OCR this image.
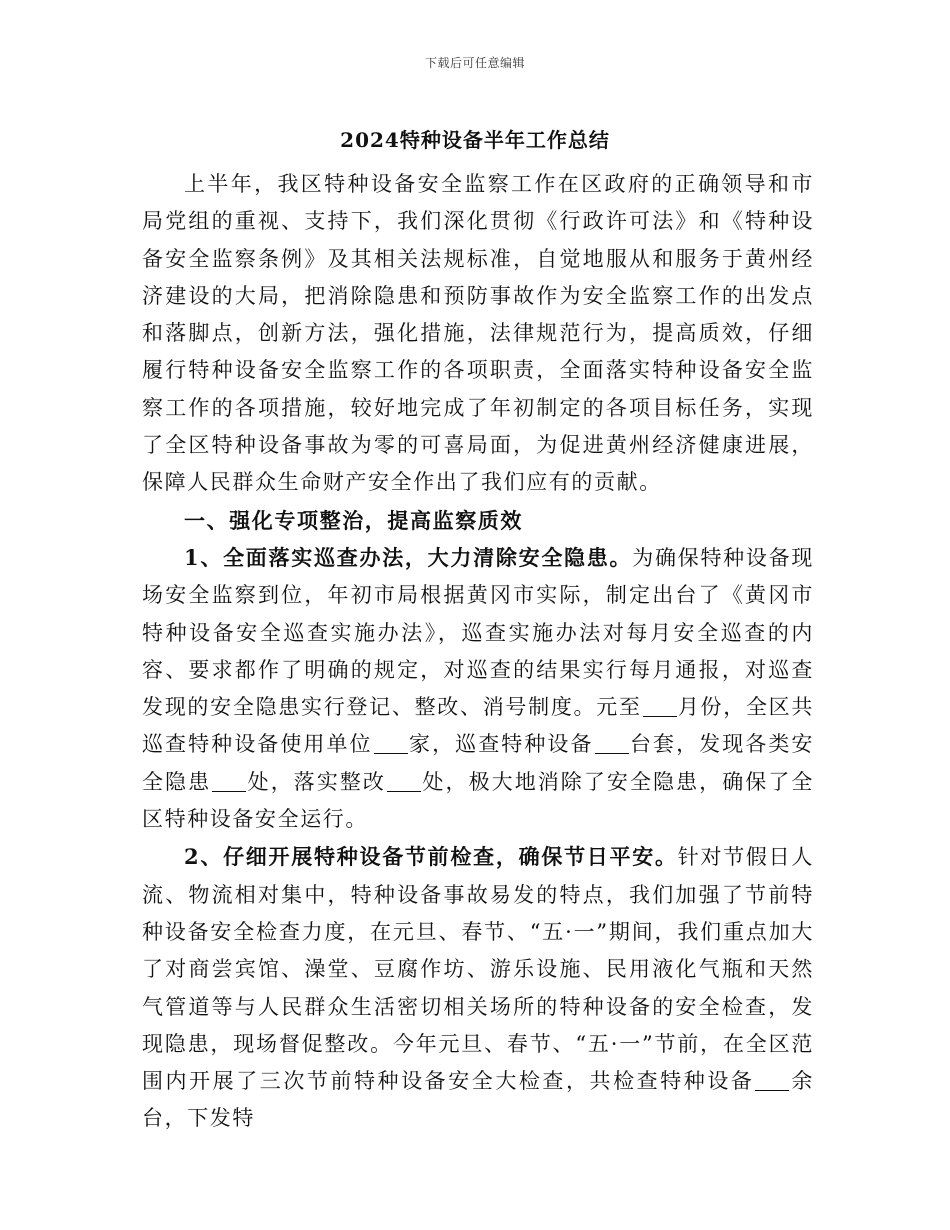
下载后可任意编辑
2024特种设备半年工作总结

上半年，我区特种设备安全监察工作在区政府的正确领导和市局党组的重视、支持下，我们深化贯彻《行政许可法》和《特种设备安全监察条例》及其相关法规标准，自觉地服从和服务于黄州经济建设的大局，把消除隐患和预防事故作为安全监察工作的出发点和落脚点，创新方法，强化措施，法律规范行为，提高质效，仔细履行特种设备安全监察工作的各项职责，全面落实特种设备安全监察工作的各项措施，较好地完成了年初制定的各项目标任务，实现了全区特种设备事故为零的可喜局面，为促进黄州经济健康进展，保障人民群众生命财产安全作出了我们应有的贡献。

一、强化专项整治，提高监察质效

1、全面落实巡查办法，大力清除安全隐患。为确保特种设备现场安全监察到位，年初市局根据黄冈市实际，制定出台了《黄冈市特种设备安全巡查实施办法》，巡查实施办法对每月安全巡查的内容、要求都作了明确的规定，对巡查的结果实行每月通报，对巡查发现的安全隐患实行登记、整改、消号制度。元至 月份，全区共巡查特种设备使用单位 家，巡查特种设备 台套，发现各类安全隐患 处，落实整改 处，极大地消除了安全隐患，确保了全区特种设备安全运行。

2、仔细开展特种设备节前检查，确保节日平安。针对节假日人流、物流相对集中，特种设备事故易发的特点，我们加强了节前特种设备安全检查力度，在元旦、春节、“五·一”期间，我们重点加大了对商尝宾馆、澡堂、豆腐作坊、游乐设施、民用液化气瓶和天然气管道等与人民群众生活密切相关场所的特种设备的安全检查，发现隐患，现场督促整改。今年元旦、春节、“五·一”节前，在全区范围内开展了三次节前特种设备安全大检查，共检查特种设备 余台，下发特
